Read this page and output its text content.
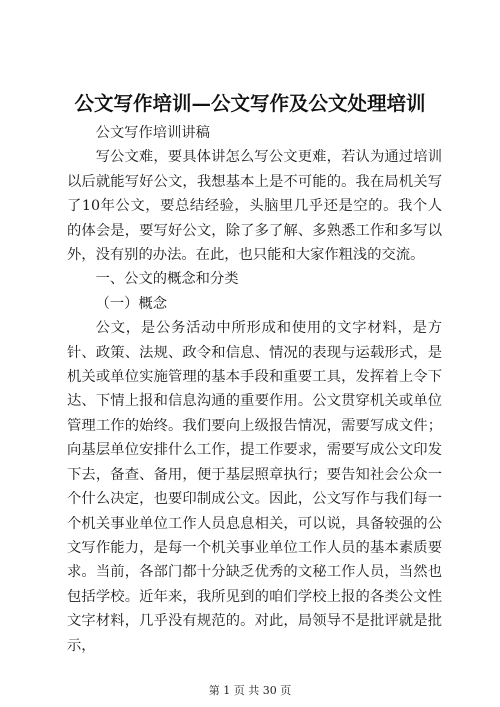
公文写作培训—公文写作及公文处理培训

公文写作培训讲稿

写公文难，要具体讲怎么写公文更难，若认为通过培训以后就能写好公文，我想基本上是不可能的。我在局机关写了10年公文，要总结经验，头脑里几乎还是空的。我个人的体会是，要写好公文，除了多了解、多熟悉工作和多写以外，没有别的办法。在此，也只能和大家作粗浅的交流。

一、公文的概念和分类

（一）概念

公文，是公务活动中所形成和使用的文字材料，是方针、政策、法规、政令和信息、情况的表现与运载形式，是机关或单位实施管理的基本手段和重要工具，发挥着上令下达、下情上报和信息沟通的重要作用。公文贯穿机关或单位管理工作的始终。我们要向上级报告情况，需要写成文件；向基层单位安排什么工作，提工作要求，需要写成公文印发下去，备查、备用，便于基层照章执行；要告知社会公众一个什么决定，也要印制成公文。因此，公文写作与我们每一个机关事业单位工作人员息息相关，可以说，具备较强的公文写作能力，是每一个机关事业单位工作人员的基本素质要求。当前，各部门都十分缺乏优秀的文秘工作人员，当然也包括学校。近年来，我所见到的咱们学校上报的各类公文性文字材料，几乎没有规范的。对此，局领导不是批评就是批示，

第 1 页 共 30 页
